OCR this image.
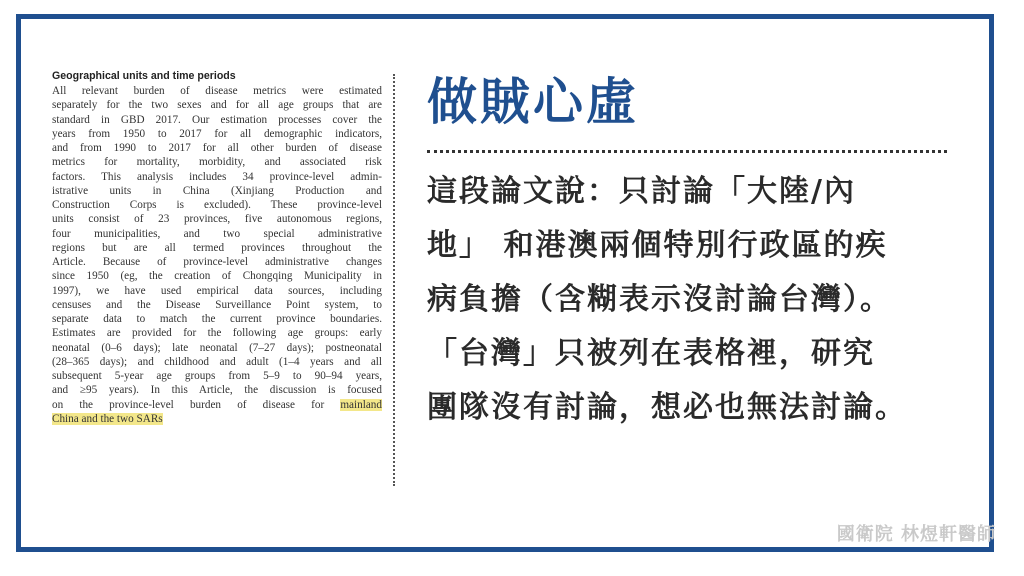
Geographical units and time periods
All relevant burden of disease metrics were estimated
separately for the two sexes and for all age groups that are
standard in GBD 2017. Our estimation processes cover the
years from 1950 to 2017 for all demographic indicators,
and from 1990 to 2017 for all other burden of disease
metrics for mortality, morbidity, and associated risk
factors. This analysis includes 34 province-level admin-
istrative units in China (Xinjiang Production and
Construction Corps is excluded). These province-level
units consist of 23 provinces, five autonomous regions,
four municipalities, and two special administrative
regions but are all termed provinces throughout the
Article. Because of province-level administrative changes
since 1950 (eg, the creation of Chongqing Municipality in
1997), we have used empirical data sources, including
censuses and the Disease Surveillance Point system, to
separate data to match the current province boundaries.
Estimates are provided for the following age groups: early
neonatal (0–6 days); late neonatal (7–27 days); postneonatal
(28–365 days); and childhood and adult (1–4 years and all
subsequent 5-year age groups from 5–9 to 90–94 years,
and ≥95 years). In this Article, the discussion is focused
on the province-level burden of disease for mainland
China and the two SARs
做賊心虛
這段論文說：只討論「大陸/內
地」 和港澳兩個特別行政區的疾
病負擔（含糊表示沒討論台灣）。
「台灣」只被列在表格裡，研究
團隊沒有討論，想必也無法討論。
國衛院 林煜軒醫師
